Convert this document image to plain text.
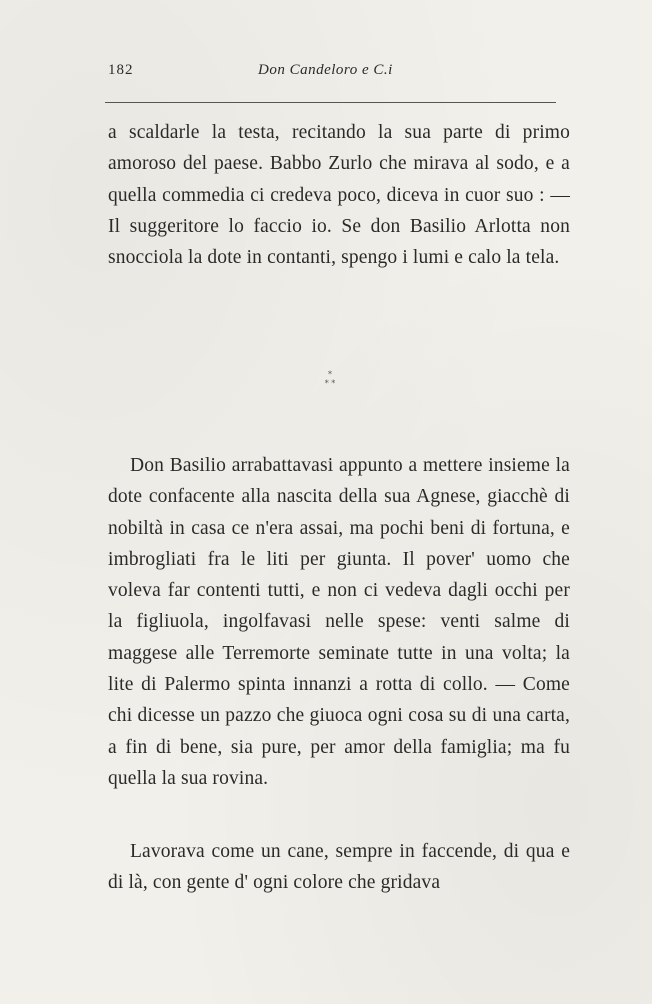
182	Don Candeloro e C.i
a scaldarle la testa, recitando la sua parte di primo amoroso del paese. Babbo Zurlo che mirava al sodo, e a quella commedia ci credeva poco, diceva in cuor suo : — Il suggeritore lo faccio io. Se don Basilio Arlotta non snocciola la dote in contanti, spengo i lumi e calo la tela.
*
* *
Don Basilio arrabattavasi appunto a mettere insieme la dote confacente alla nascita della sua Agnese, giacchè di nobiltà in casa ce n'era assai, ma pochi beni di fortuna, e imbrogliati fra le liti per giunta. Il pover' uomo che voleva far contenti tutti, e non ci vedeva dagli occhi per la figliuola, ingolfavasi nelle spese: venti salme di maggese alle Terremorte seminate tutte in una volta; la lite di Palermo spinta innanzi a rotta di collo. — Come chi dicesse un pazzo che giuoca ogni cosa su di una carta, a fin di bene, sia pure, per amor della famiglia; ma fu quella la sua rovina.
Lavorava come un cane, sempre in faccende, di qua e di là, con gente d' ogni colore che gridava
